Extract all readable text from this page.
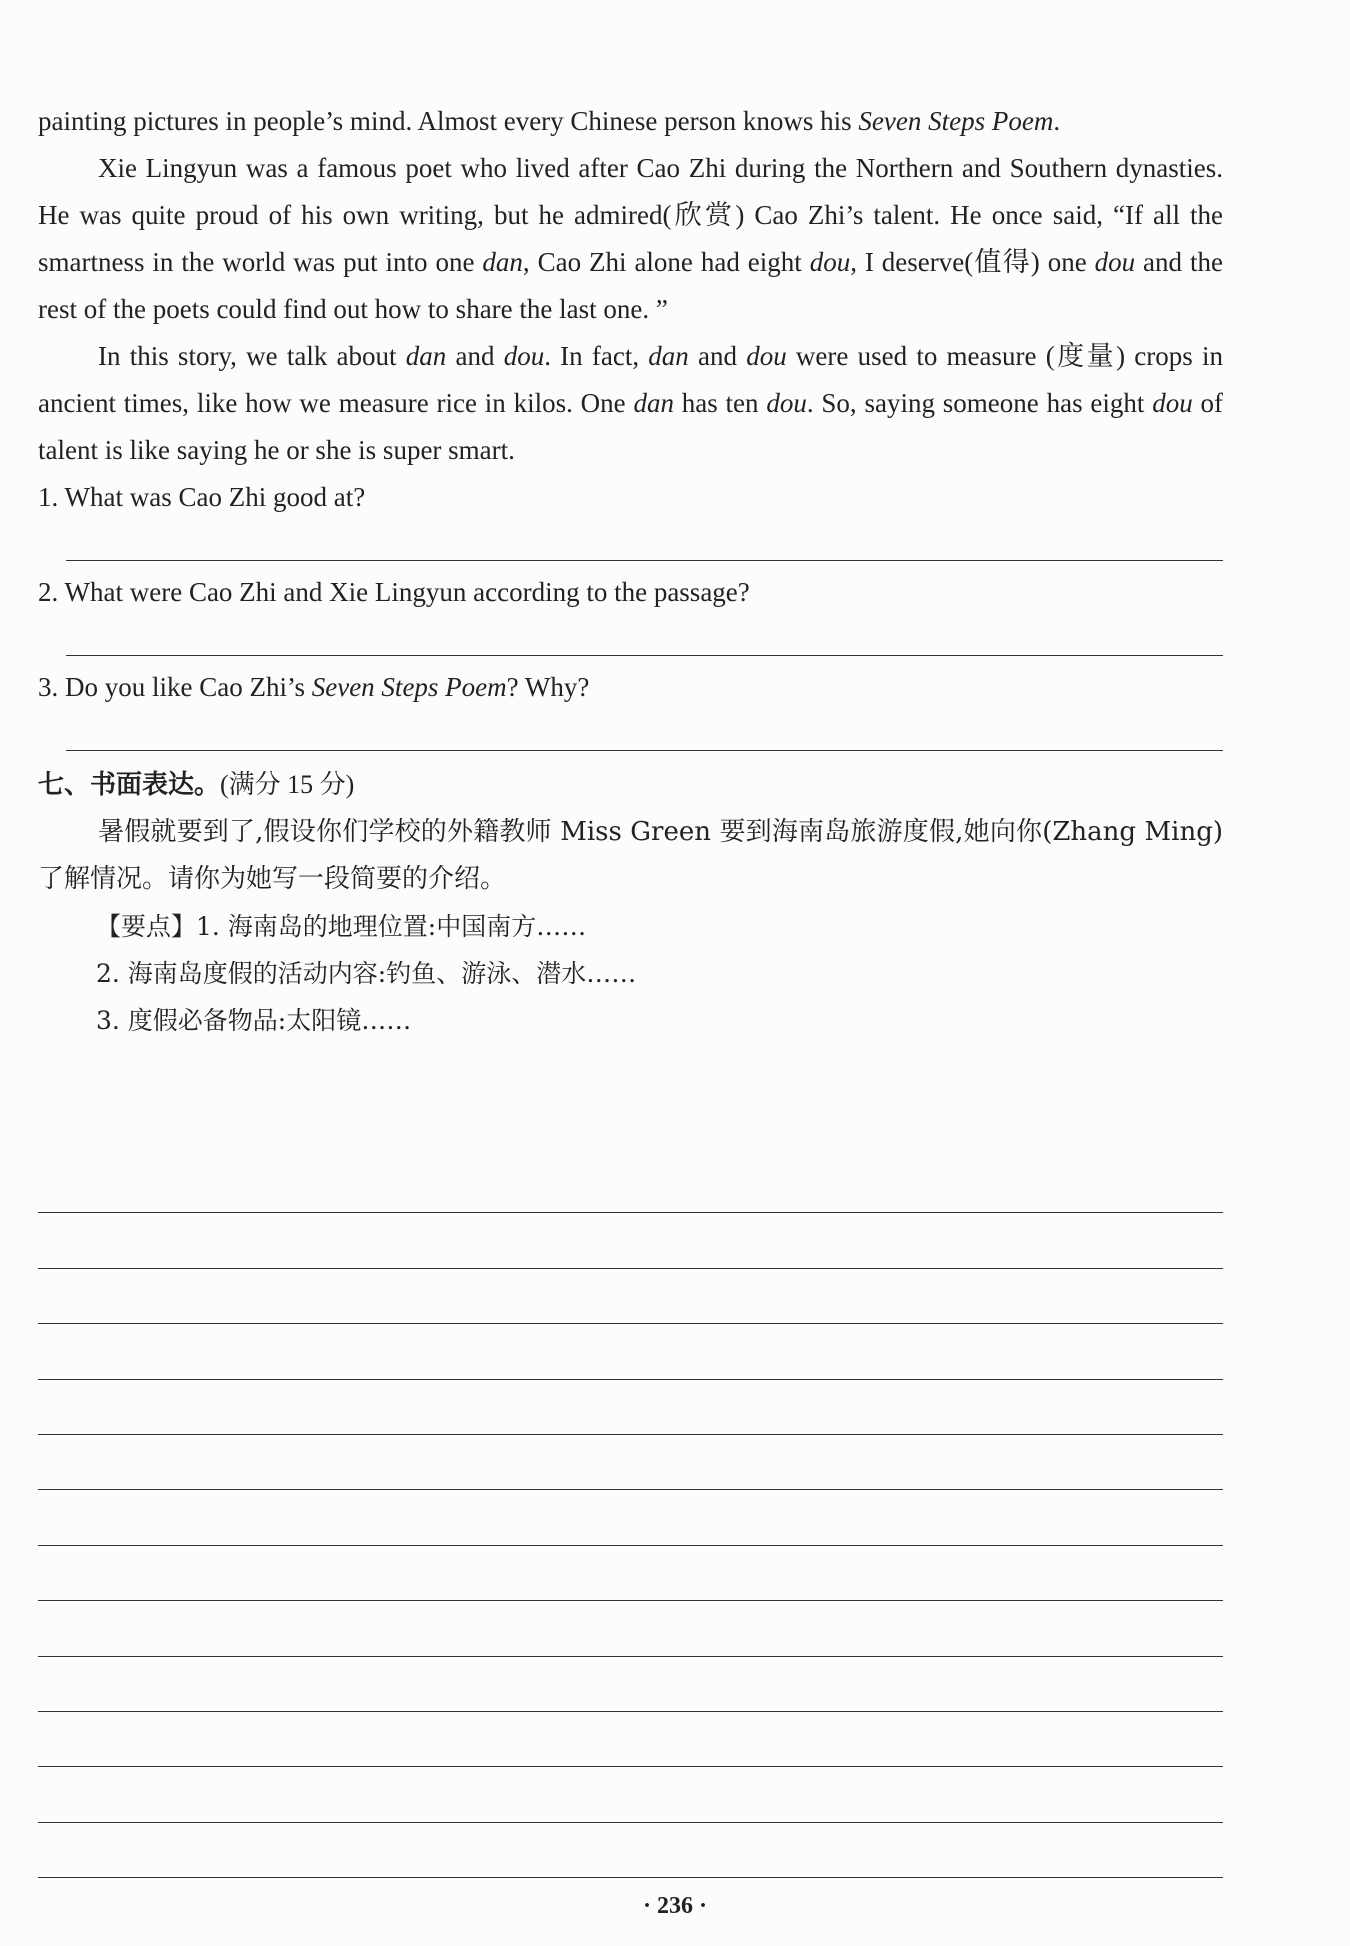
painting pictures in people’s mind. Almost every Chinese person knows his Seven Steps Poem.
Xie Lingyun was a famous poet who lived after Cao Zhi during the Northern and Southern dynasties. He was quite proud of his own writing, but he admired(欣赏) Cao Zhi’s talent. He once said, “If all the smartness in the world was put into one dan, Cao Zhi alone had eight dou, I deserve(值得) one dou and the rest of the poets could find out how to share the last one. ”
In this story, we talk about dan and dou. In fact, dan and dou were used to measure (度量) crops in ancient times, like how we measure rice in kilos. One dan has ten dou. So, saying someone has eight dou of talent is like saying he or she is super smart.
1. What was Cao Zhi good at?
2. What were Cao Zhi and Xie Lingyun according to the passage?
3. Do you like Cao Zhi’s Seven Steps Poem? Why?
七、书面表达。(满分 15 分)
暑假就要到了,假设你们学校的外籍教师 Miss Green 要到海南岛旅游度假,她向你(Zhang Ming)了解情况。请你为她写一段简要的介绍。
【要点】1. 海南岛的地理位置:中国南方……
2. 海南岛度假的活动内容:钓鱼、游泳、潜水……
3. 度假必备物品:太阳镜……
· 236 ·
